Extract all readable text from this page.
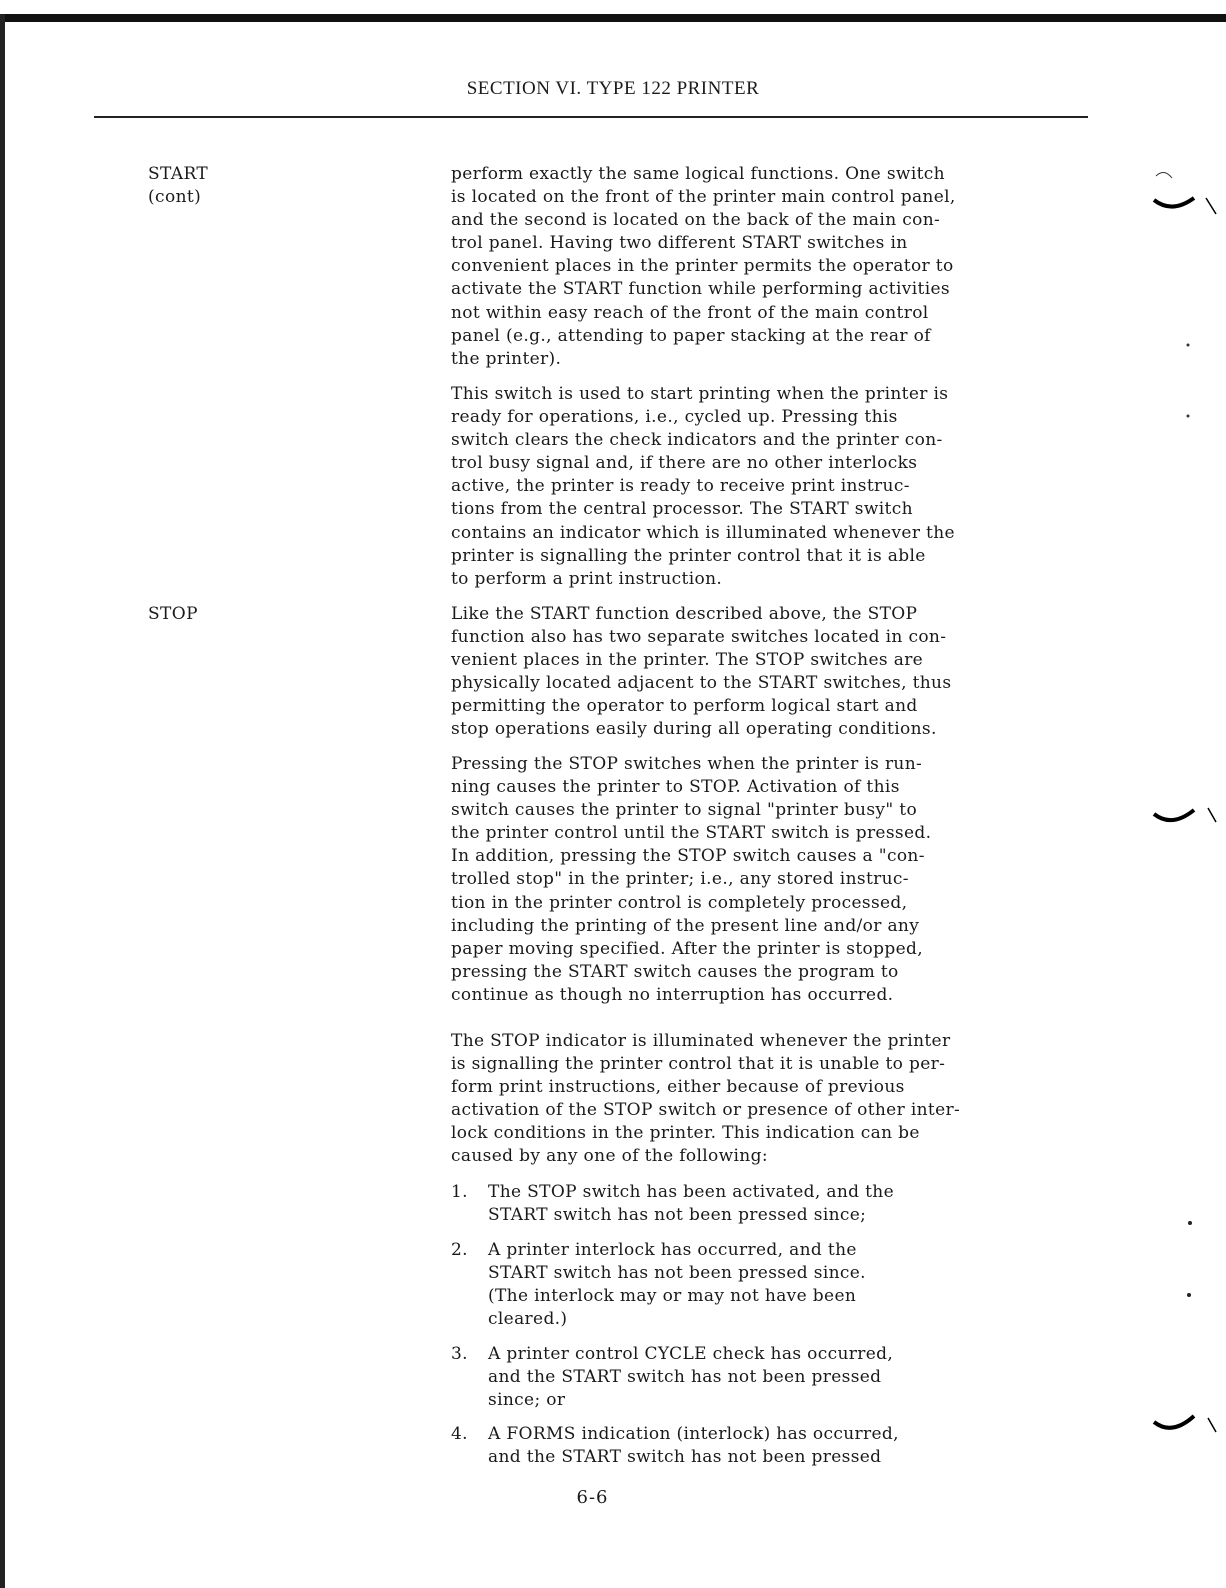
SECTION VI. TYPE 122 PRINTER
START
(cont)
STOP
perform exactly the same logical functions. One switch
is located on the front of the printer main control panel,
and the second is located on the back of the main con-
trol panel. Having two different START switches in
convenient places in the printer permits the operator to
activate the START function while performing activities
not within easy reach of the front of the main control
panel (e.g., attending to paper stacking at the rear of
the printer).
This switch is used to start printing when the printer is
ready for operations, i.e., cycled up. Pressing this
switch clears the check indicators and the printer con-
trol busy signal and, if there are no other interlocks
active, the printer is ready to receive print instruc-
tions from the central processor. The START switch
contains an indicator which is illuminated whenever the
printer is signalling the printer control that it is able
to perform a print instruction.
Like the START function described above, the STOP
function also has two separate switches located in con-
venient places in the printer. The STOP switches are
physically located adjacent to the START switches, thus
permitting the operator to perform logical start and
stop operations easily during all operating conditions.
Pressing the STOP switches when the printer is run-
ning causes the printer to STOP. Activation of this
switch causes the printer to signal "printer busy" to
the printer control until the START switch is pressed.
In addition, pressing the STOP switch causes a "con-
trolled stop" in the printer; i.e., any stored instruc-
tion in the printer control is completely processed,
including the printing of the present line and/or any
paper moving specified. After the printer is stopped,
pressing the START switch causes the program to
continue as though no interruption has occurred.
The STOP indicator is illuminated whenever the printer
is signalling the printer control that it is unable to per-
form print instructions, either because of previous
activation of the STOP switch or presence of other inter-
lock conditions in the printer. This indication can be
caused by any one of the following:
1. The STOP switch has been activated, and the
START switch has not been pressed since;
2. A printer interlock has occurred, and the
START switch has not been pressed since.
(The interlock may or may not have been
cleared.)
3. A printer control CYCLE check has occurred,
and the START switch has not been pressed
since; or
4. A FORMS indication (interlock) has occurred,
and the START switch has not been pressed
6-6
